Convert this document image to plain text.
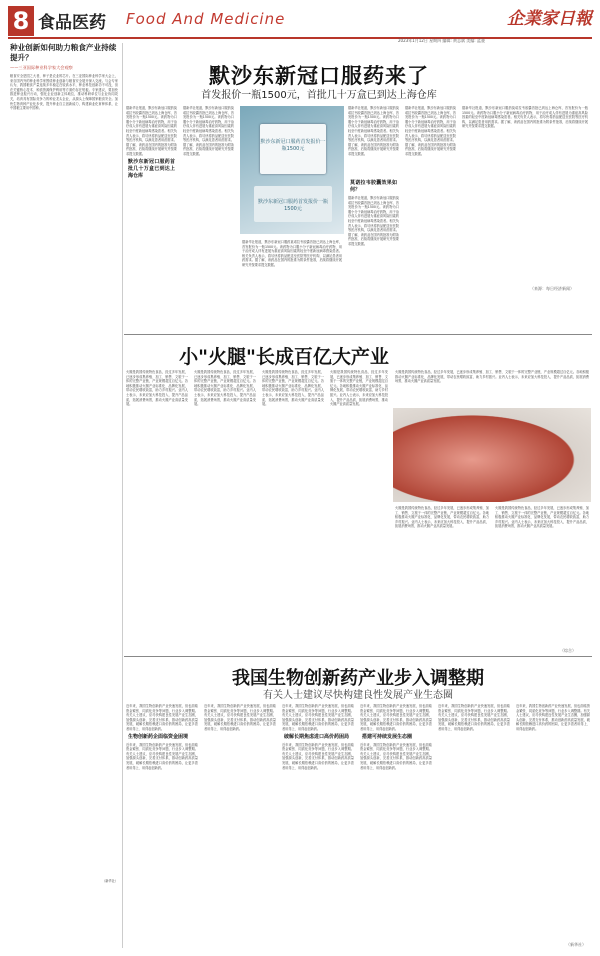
8 食品医药 Food And Medicine	企業家日報
2023年1月12日 星期四 编辑: 黄志斌 美编: 蓝骏
种业创新如何助力粮食产业持续提升？
——三亚国际种业科学家大会观察
粮食安全是国之大者，种子是农业的芯片。在三亚国际种业科学家大会上，来自国内外的种业科学家围绕种业创新与粮食安全展开深入交流。与会专家认为，我国粮食产量连续多年稳定在较高水平，种业科技创新功不可没，但在关键核心技术、种质资源保护利用等方面仍存在短板。专家建议，要加快推进种业振兴行动，强化企业创新主体地位，推动科研单位与企业协同攻关，培育具有国际竞争力的种业龙头企业，从源头上保障国家粮食安全。加快生物育种产业化步伐，提升种业自主创新能力，构建商业化育种体系，让中国粮主要用中国种。
（新华社）
默沙东新冠口服药来了
首发报价一瓶1500元，首批几十万盒已到达上海仓库
据新华社报道，默沙东新冠口服药莫诺拉韦胶囊首批已到达上海仓库，首发报价为一瓶1500元。该药物为口服小分子新冠病毒治疗药物，用于治疗成人伴有进展为重症高风险因素的轻至中度新冠病毒感染患者。相关负责人表示，将尽快将药品配送至医院等医疗机构，以满足患者用药需求。据了解，该药品在国内的批准为附条件批准，后续将继续开展研究并按要求提交数据。
默沙东新冠口服药首批几十万盒已到达上海仓库
据新华社报道，默沙东新冠口服药莫诺拉韦胶囊首批已到达上海仓库，首发报价为一瓶1500元。该药物为口服小分子新冠病毒治疗药物，用于治疗成人伴有进展为重症高风险因素的轻至中度新冠病毒感染患者。相关负责人表示，将尽快将药品配送至医院等医疗机构，以满足患者用药需求。据了解，该药品在国内的批准为附条件批准，后续将继续开展研究并按要求提交数据。
默沙东新冠口服药首发报价一瓶1500元
默沙东新冠口服药首发报价一瓶1500元
据新华社报道，默沙东新冠口服药莫诺拉韦胶囊首批已到达上海仓库，首发报价为一瓶1500元。该药物为口服小分子新冠病毒治疗药物，用于治疗成人伴有进展为重症高风险因素的轻至中度新冠病毒感染患者。相关负责人表示，将尽快将药品配送至医院等医疗机构，以满足患者用药需求。据了解，该药品在国内的批准为附条件批准，后续将继续开展研究并按要求提交数据。
据新华社报道，默沙东新冠口服药莫诺拉韦胶囊首批已到达上海仓库，首发报价为一瓶1500元。该药物为口服小分子新冠病毒治疗药物，用于治疗成人伴有进展为重症高风险因素的轻至中度新冠病毒感染患者。相关负责人表示，将尽快将药品配送至医院等医疗机构，以满足患者用药需求。据了解，该药品在国内的批准为附条件批准，后续将继续开展研究并按要求提交数据。
莫诺拉韦胶囊效果如何？
据新华社报道，默沙东新冠口服药莫诺拉韦胶囊首批已到达上海仓库，首发报价为一瓶1500元。该药物为口服小分子新冠病毒治疗药物，用于治疗成人伴有进展为重症高风险因素的轻至中度新冠病毒感染患者。相关负责人表示，将尽快将药品配送至医院等医疗机构，以满足患者用药需求。据了解，该药品在国内的批准为附条件批准，后续将继续开展研究并按要求提交数据。
据新华社报道，默沙东新冠口服药莫诺拉韦胶囊首批已到达上海仓库，首发报价为一瓶1500元。该药物为口服小分子新冠病毒治疗药物，用于治疗成人伴有进展为重症高风险因素的轻至中度新冠病毒感染患者。相关负责人表示，将尽快将药品配送至医院等医疗机构，以满足患者用药需求。据了解，该药品在国内的批准为附条件批准，后续将继续开展研究并按要求提交数据。
据新华社报道，默沙东新冠口服药莫诺拉韦胶囊首批已到达上海仓库，首发报价为一瓶1500元。该药物为口服小分子新冠病毒治疗药物，用于治疗成人伴有进展为重症高风险因素的轻至中度新冠病毒感染患者。相关负责人表示，将尽快将药品配送至医院等医疗机构，以满足患者用药需求。据了解，该药品在国内的批准为附条件批准，后续将继续开展研究并按要求提交数据。
（来源：每日经济新闻）
小"火腿"长成百亿大产业
火腿是我国传统特色食品，经过多年发展，已逐步形成集养殖、加工、销售、文旅于一体的完整产业链，产业规模超过百亿元。各地积极推动火腿产业标准化、品牌化发展，带动农民增收致富，助力乡村振兴。业内人士表示，未来应加大科技投入，提升产品品质，拓展消费场景，推动火腿产业高质量发展。
火腿是我国传统特色食品，经过多年发展，已逐步形成集养殖、加工、销售、文旅于一体的完整产业链，产业规模超过百亿元。各地积极推动火腿产业标准化、品牌化发展，带动农民增收致富，助力乡村振兴。业内人士表示，未来应加大科技投入，提升产品品质，拓展消费场景，推动火腿产业高质量发展。
火腿是我国传统特色食品，经过多年发展，已逐步形成集养殖、加工、销售、文旅于一体的完整产业链，产业规模超过百亿元。各地积极推动火腿产业标准化、品牌化发展，带动农民增收致富，助力乡村振兴。业内人士表示，未来应加大科技投入，提升产品品质，拓展消费场景，推动火腿产业高质量发展。
火腿是我国传统特色食品，经过多年发展，已逐步形成集养殖、加工、销售、文旅于一体的完整产业链，产业规模超过百亿元。各地积极推动火腿产业标准化、品牌化发展，带动农民增收致富，助力乡村振兴。业内人士表示，未来应加大科技投入，提升产品品质，拓展消费场景，推动火腿产业高质量发展。
火腿是我国传统特色食品，经过多年发展，已逐步形成集养殖、加工、销售、文旅于一体的完整产业链，产业规模超过百亿元。各地积极推动火腿产业标准化、品牌化发展，带动农民增收致富，助力乡村振兴。业内人士表示，未来应加大科技投入，提升产品品质，拓展消费场景，推动火腿产业高质量发展。
火腿是我国传统特色食品，经过多年发展，已逐步形成集养殖、加工、销售、文旅于一体的完整产业链，产业规模超过百亿元。各地积极推动火腿产业标准化、品牌化发展，带动农民增收致富，助力乡村振兴。业内人士表示，未来应加大科技投入，提升产品品质，拓展消费场景，推动火腿产业高质量发展。
火腿是我国传统特色食品，经过多年发展，已逐步形成集养殖、加工、销售、文旅于一体的完整产业链，产业规模超过百亿元。各地积极推动火腿产业标准化、品牌化发展，带动农民增收致富，助力乡村振兴。业内人士表示，未来应加大科技投入，提升产品品质，拓展消费场景，推动火腿产业高质量发展。
（综合）
我国生物创新药产业步入调整期
有关人士建议尽快构建良性发展产业生态圈
近年来，我国生物创新药产业快速发展，但也面临资金紧张、同质化竞争等问题，行业步入调整期。有关人士建议，应尽快构建良性发展产业生态圈，加强源头创新，完善支付体系，推动创新药高质量发展，破解长期依赖进口高价药的困局，让更多患者用得上、用得起创新药。
生物创新药企面临资金困境
近年来，我国生物创新药产业快速发展，但也面临资金紧张、同质化竞争等问题，行业步入调整期。有关人士建议，应尽快构建良性发展产业生态圈，加强源头创新，完善支付体系，推动创新药高质量发展，破解长期依赖进口高价药的困局，让更多患者用得上、用得起创新药。
近年来，我国生物创新药产业快速发展，但也面临资金紧张、同质化竞争等问题，行业步入调整期。有关人士建议，应尽快构建良性发展产业生态圈，加强源头创新，完善支付体系，推动创新药高质量发展，破解长期依赖进口高价药的困局，让更多患者用得上、用得起创新药。
近年来，我国生物创新药产业快速发展，但也面临资金紧张、同质化竞争等问题，行业步入调整期。有关人士建议，应尽快构建良性发展产业生态圈，加强源头创新，完善支付体系，推动创新药高质量发展，破解长期依赖进口高价药的困局，让更多患者用得上、用得起创新药。
破解长期焦虑进口高价药困局
近年来，我国生物创新药产业快速发展，但也面临资金紧张、同质化竞争等问题，行业步入调整期。有关人士建议，应尽快构建良性发展产业生态圈，加强源头创新，完善支付体系，推动创新药高质量发展，破解长期依赖进口高价药的困局，让更多患者用得上、用得起创新药。
近年来，我国生物创新药产业快速发展，但也面临资金紧张、同质化竞争等问题，行业步入调整期。有关人士建议，应尽快构建良性发展产业生态圈，加强源头创新，完善支付体系，推动创新药高质量发展，破解长期依赖进口高价药的困局，让更多患者用得上、用得起创新药。
搭建可持续发展生态圈
近年来，我国生物创新药产业快速发展，但也面临资金紧张、同质化竞争等问题，行业步入调整期。有关人士建议，应尽快构建良性发展产业生态圈，加强源头创新，完善支付体系，推动创新药高质量发展，破解长期依赖进口高价药的困局，让更多患者用得上、用得起创新药。
近年来，我国生物创新药产业快速发展，但也面临资金紧张、同质化竞争等问题，行业步入调整期。有关人士建议，应尽快构建良性发展产业生态圈，加强源头创新，完善支付体系，推动创新药高质量发展，破解长期依赖进口高价药的困局，让更多患者用得上、用得起创新药。
近年来，我国生物创新药产业快速发展，但也面临资金紧张、同质化竞争等问题，行业步入调整期。有关人士建议，应尽快构建良性发展产业生态圈，加强源头创新，完善支付体系，推动创新药高质量发展，破解长期依赖进口高价药的困局，让更多患者用得上、用得起创新药。
（新华社）
